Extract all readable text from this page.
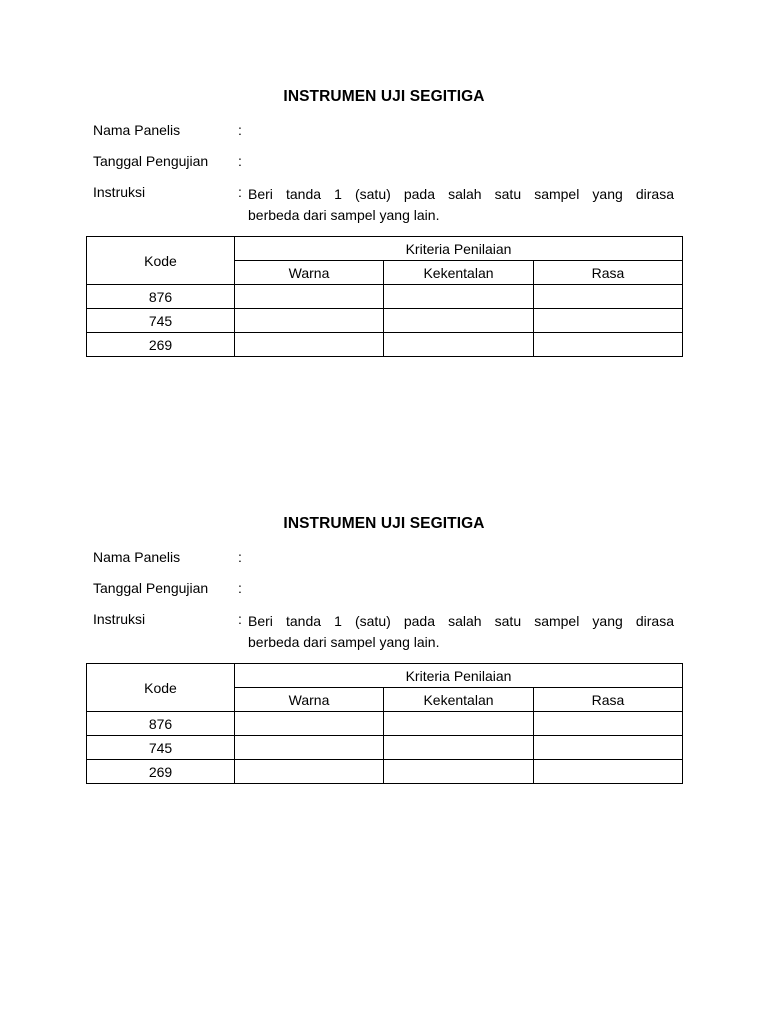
INSTRUMEN UJI SEGITIGA
Nama Panelis	:
Tanggal Pengujian :
Instruksi	: Beri tanda 1 (satu) pada salah satu sampel yang dirasa
berbeda dari sampel yang lain.
Kode	Kriteria Penilaian		
	Warna	Kekentalan	Rasa
876			
745			
269			
INSTRUMEN UJI SEGITIGA
Nama Panelis	:
Tanggal Pengujian :
Instruksi	: Beri tanda 1 (satu) pada salah satu sampel yang dirasa
berbeda dari sampel yang lain.
Kode	Kriteria Penilaian		
	Warna	Kekentalan	Rasa
876			
745			
269			
